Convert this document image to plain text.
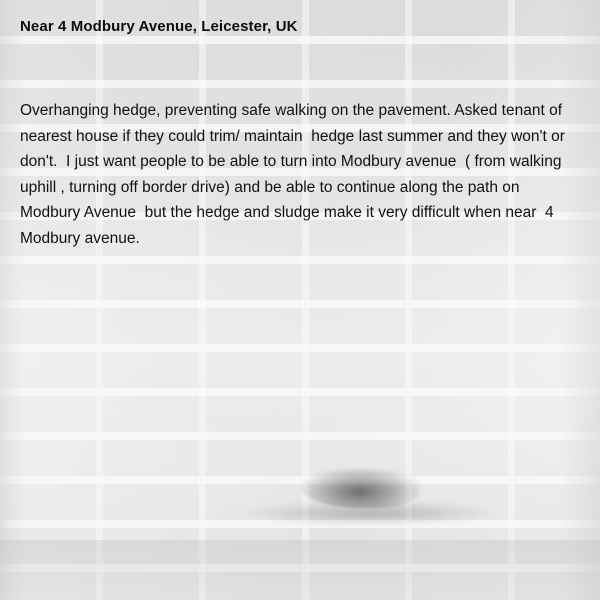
Near 4 Modbury Avenue, Leicester, UK
Overhanging hedge, preventing safe walking on the pavement. Asked tenant of nearest house if they could trim/ maintain  hedge last summer and they won't or don't.  I just want people to be able to turn into Modbury avenue  ( from walking uphill , turning off border drive) and be able to continue along the path on Modbury Avenue  but the hedge and sludge make it very difficult when near  4 Modbury avenue.
